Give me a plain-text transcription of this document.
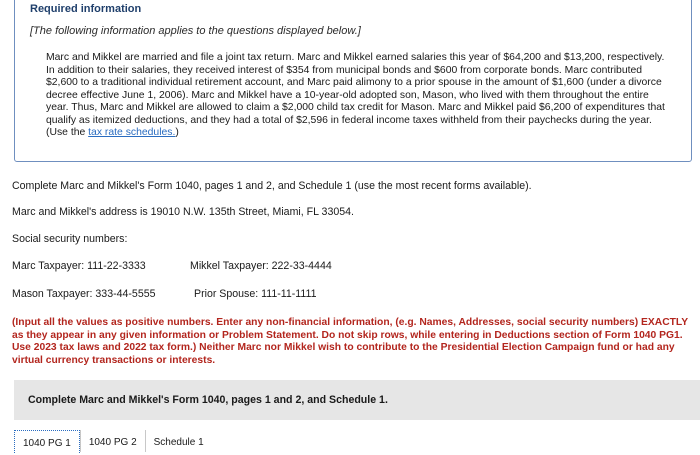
Required information
[The following information applies to the questions displayed below.]
Marc and Mikkel are married and file a joint tax return. Marc and Mikkel earned salaries this year of $64,200 and $13,200, respectively. In addition to their salaries, they received interest of $354 from municipal bonds and $600 from corporate bonds. Marc contributed $2,600 to a traditional individual retirement account, and Marc paid alimony to a prior spouse in the amount of $1,600 (under a divorce decree effective June 1, 2006). Marc and Mikkel have a 10-year-old adopted son, Mason, who lived with them throughout the entire year. Thus, Marc and Mikkel are allowed to claim a $2,000 child tax credit for Mason. Marc and Mikkel paid $6,200 of expenditures that qualify as itemized deductions, and they had a total of $2,596 in federal income taxes withheld from their paychecks during the year. (Use the tax rate schedules.)
Complete Marc and Mikkel's Form 1040, pages 1 and 2, and Schedule 1 (use the most recent forms available).
Marc and Mikkel's address is 19010 N.W. 135th Street, Miami, FL 33054.
Social security numbers:
Marc Taxpayer: 111-22-3333	Mikkel Taxpayer: 222-33-4444
Mason Taxpayer: 333-44-5555	Prior Spouse: 111-11-1111
(Input all the values as positive numbers. Enter any non-financial information, (e.g. Names, Addresses, social security numbers) EXACTLY as they appear in any given information or Problem Statement. Do not skip rows, while entering in Deductions section of Form 1040 PG1. Use 2023 tax laws and 2022 tax form.) Neither Marc nor Mikkel wish to contribute to the Presidential Election Campaign fund or had any virtual currency transactions or interests.
Complete Marc and Mikkel's Form 1040, pages 1 and 2, and Schedule 1.
1040 PG 1	1040 PG 2	Schedule 1
